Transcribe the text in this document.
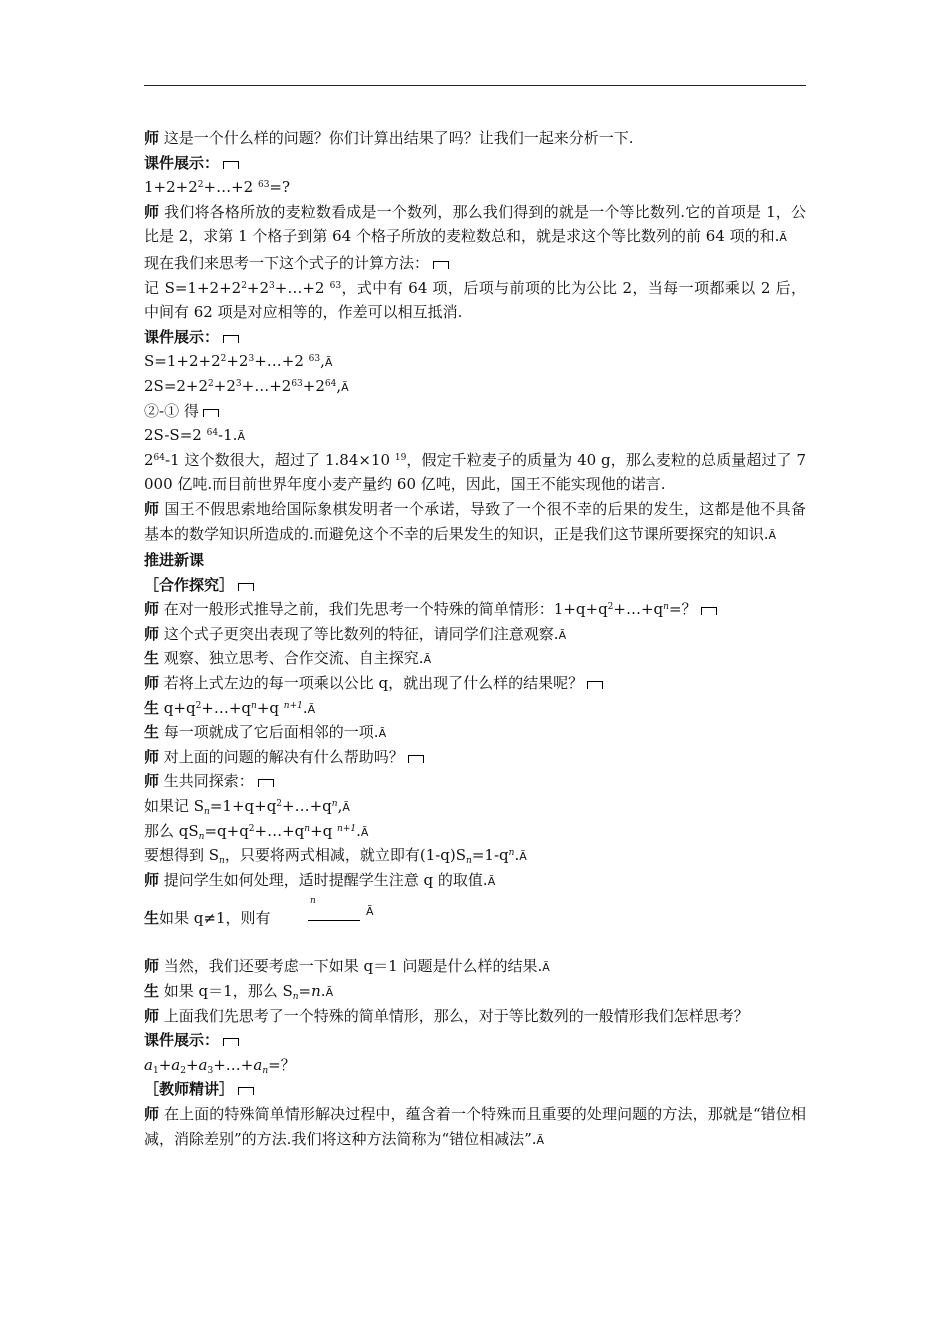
师 这是一个什么样的问题？你们计算出结果了吗？让我们一起来分析一下.
课件展示：
$1+2+2^2+\dots+2$ $^{63}$=?
师 我们将各格所放的麦粒数看成是一个数列，那么我们得到的就是一个等比数列.它的首项是 1，公比是 2，求第 1 个格子到第 64 个格子所放的麦粒数总和，就是求这个等比数列的前 64 项的和.Ã
现在我们来思考一下这个式子的计算方法：
记 $S=1+2+2^2+2^3+\dots+2$ $^{63}$，式中有 64 项，后项与前项的比为公比 2，当每一项都乘以 2 后，中间有 62 项是对应相等的，作差可以相互抵消.
课件展示：
$S=1+2+2^2+2^3+\dots+2$ $^{63}$,Ã
$2S=2+2^2+2^3+\dots+2^{63}+2^{64},Ã$
②-① 得
2S-S=2 $^{64}$-1.Ã
$2^{64}-1$ 这个数很大，超过了 1.84×10 $^{19}$，假定千粒麦子的质量为 40 g，那么麦粒的总质量超过了 7 000 亿吨.而目前世界年度小麦产量约 60 亿吨，因此，国王不能实现他的诺言.
师 国王不假思索地给国际象棋发明者一个承诺，导致了一个很不幸的后果的发生，这都是他不具备基本的数学知识所造成的.而避免这个不幸的后果发生的知识，正是我们这节课所要探究的知识.Ã
推进新课
［合作探究］
师 在对一般形式推导之前，我们先思考一个特殊的简单情形：$1+q+q^2+\dots+q^n=$？
师 这个式子更突出表现了等比数列的特征，请同学们注意观察.Ã
生 观察、独立思考、合作交流、自主探究.Ã
师 若将上式左边的每一项乘以公比 q，就出现了什么样的结果呢？
生 $q+q^2+\dots+q^n+q$ $^{n+1}$.Ã
生 每一项就成了它后面相邻的一项.Ã
师 对上面的问题的解决有什么帮助吗？
师 生共同探索：
如果记 $S_n=1+q+q^2+\dots+q^n,Ã$
那么 $qS_n=q+q^2+\dots+q^n+q$ $^{n+1}$.Ã
要想得到 $S_n$，只要将两式相减，就立即有$(1-q)S_n=1-q^n.Ã$
师 提问学生如何处理，适时提醒学生注意 q 的取值.Ã
生 如果 q≠1，则有
$^n$
Ã
师 当然，我们还要考虑一下如果 q＝1 问题是什么样的结果.Ã
生 如果 q＝1，那么 $S_n=n.Ã$
师 上面我们先思考了一个特殊的简单情形，那么，对于等比数列的一般情形我们怎样思考？
课件展示：
$a_1+a_2+a_3+\dots+a_n=$？
［教师精讲］
师 在上面的特殊简单情形解决过程中，蕴含着一个特殊而且重要的处理问题的方法，那就是“错位相减，消除差别”的方法.我们将这种方法简称为“错位相减法”.Ã
